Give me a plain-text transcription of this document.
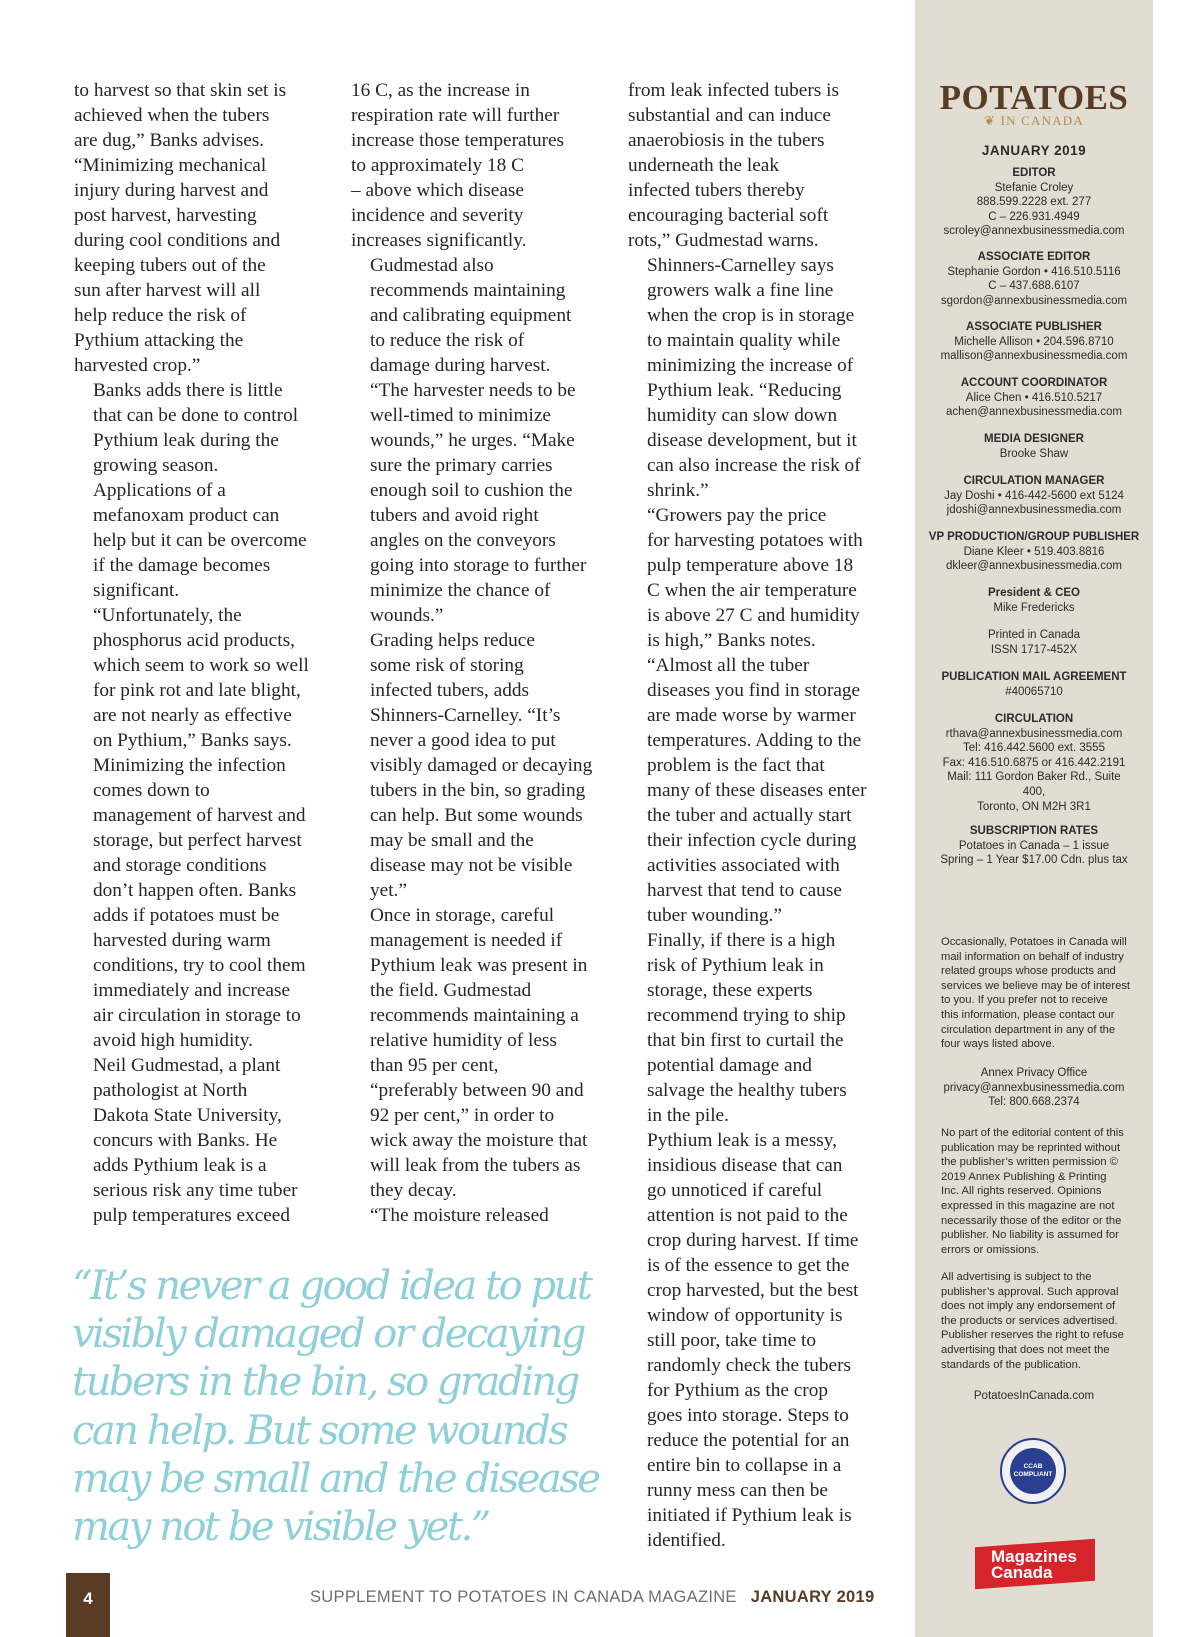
to harvest so that skin set is
achieved when the tubers
are dug,” Banks advises.
“Minimizing mechanical
injury during harvest and
post harvest, harvesting
during cool conditions and
keeping tubers out of the
sun after harvest will all
help reduce the risk of
Pythium attacking the
harvested crop.”

Banks adds there is little
that can be done to control
Pythium leak during the
growing season.
Applications of a
mefanoxam product can
help but it can be overcome
if the damage becomes
significant.

“Unfortunately, the
phosphorus acid products,
which seem to work so well
for pink rot and late blight,
are not nearly as effective
on Pythium,” Banks says.

Minimizing the infection
comes down to
management of harvest and
storage, but perfect harvest
and storage conditions
don’t happen often. Banks
adds if potatoes must be
harvested during warm
conditions, try to cool them
immediately and increase
air circulation in storage to
avoid high humidity.

Neil Gudmestad, a plant
pathologist at North
Dakota State University,
concurs with Banks. He
adds Pythium leak is a
serious risk any time tuber
pulp temperatures exceed

16 C, as the increase in
respiration rate will further
increase those temperatures
to approximately 18 C
– above which disease
incidence and severity
increases significantly.

Gudmestad also
recommends maintaining
and calibrating equipment
to reduce the risk of
damage during harvest.
“The harvester needs to be
well-timed to minimize
wounds,” he urges. “Make
sure the primary carries
enough soil to cushion the
tubers and avoid right
angles on the conveyors
going into storage to further
minimize the chance of
wounds.”

Grading helps reduce
some risk of storing
infected tubers, adds
Shinners-Carnelley. “It’s
never a good idea to put
visibly damaged or decaying
tubers in the bin, so grading
can help. But some wounds
may be small and the
disease may not be visible
yet.”

Once in storage, careful
management is needed if
Pythium leak was present in
the field. Gudmestad
recommends maintaining a
relative humidity of less
than 95 per cent,
“preferably between 90 and
92 per cent,” in order to
wick away the moisture that
will leak from the tubers as
they decay.

“The moisture released

from leak infected tubers is
substantial and can induce
anaerobiosis in the tubers
underneath the leak
infected tubers thereby
encouraging bacterial soft
rots,” Gudmestad warns.

Shinners-Carnelley says
growers walk a fine line
when the crop is in storage
to maintain quality while
minimizing the increase of
Pythium leak. “Reducing
humidity can slow down
disease development, but it
can also increase the risk of
shrink.”

“Growers pay the price
for harvesting potatoes with
pulp temperature above 18
C when the air temperature
is above 27 C and humidity
is high,” Banks notes.
“Almost all the tuber
diseases you find in storage
are made worse by warmer
temperatures. Adding to the
problem is the fact that
many of these diseases enter
the tuber and actually start
their infection cycle during
activities associated with
harvest that tend to cause
tuber wounding.”

Finally, if there is a high
risk of Pythium leak in
storage, these experts
recommend trying to ship
that bin first to curtail the
potential damage and
salvage the healthy tubers
in the pile.

Pythium leak is a messy,
insidious disease that can
go unnoticed if careful
attention is not paid to the
crop during harvest. If time
is of the essence to get the
crop harvested, but the best
window of opportunity is
still poor, take time to
randomly check the tubers
for Pythium as the crop
goes into storage. Steps to
reduce the potential for an
entire bin to collapse in a
runny mess can then be
initiated if Pythium leak is
identified.

“It’s never a good idea to put
visibly damaged or decaying
tubers in the bin, so grading
can help. But some wounds
may be small and the disease
may not be visible yet.”
POTATOES
❦ IN CANADA
JANUARY 2019
EDITOR
Stefanie Croley
888.599.2228 ext. 277
C – 226.931.4949
scroley@annexbusinessmedia.com
ASSOCIATE EDITOR
Stephanie Gordon • 416.510.5116
C – 437.688.6107
sgordon@annexbusinessmedia.com
ASSOCIATE PUBLISHER
Michelle Allison • 204.596.8710
mallison@annexbusinessmedia.com
ACCOUNT COORDINATOR
Alice Chen • 416.510.5217
achen@annexbusinessmedia.com
MEDIA DESIGNER
Brooke Shaw
CIRCULATION MANAGER
Jay Doshi • 416-442-5600 ext 5124
jdoshi@annexbusinessmedia.com
VP PRODUCTION/GROUP PUBLISHER
Diane Kleer • 519.403.8816
dkleer@annexbusinessmedia.com
President & CEO
Mike Fredericks
Printed in Canada
ISSN 1717-452X
PUBLICATION MAIL AGREEMENT
#40065710
CIRCULATION
rthava@annexbusinessmedia.com
Tel: 416.442.5600 ext. 3555
Fax: 416.510.6875 or 416.442.2191
Mail: 111 Gordon Baker Rd., Suite
400,
Toronto, ON M2H 3R1
SUBSCRIPTION RATES
Potatoes in Canada – 1 issue
Spring – 1 Year $17.00 Cdn. plus tax
Occasionally, Potatoes in Canada will
mail information on behalf of industry
related groups whose products and
services we believe may be of interest
to you. If you prefer not to receive
this information, please contact our
circulation department in any of the
four ways listed above.
Annex Privacy Office
privacy@annexbusinessmedia.com
Tel: 800.668.2374
No part of the editorial content of this
publication may be reprinted without
the publisher’s written permission ©
2019 Annex Publishing & Printing
Inc. All rights reserved. Opinions
expressed in this magazine are not
necessarily those of the editor or the
publisher. No liability is assumed for
errors or omissions.
All advertising is subject to the
publisher’s approval. Such approval
does not imply any endorsement of
the products or services advertised.
Publisher reserves the right to refuse
advertising that does not meet the
standards of the publication.
PotatoesInCanada.com
CCAB COMPLIANT
Magazines Canada
4	SUPPLEMENT TO POTATOES IN CANADA MAGAZINE JANUARY 2019
